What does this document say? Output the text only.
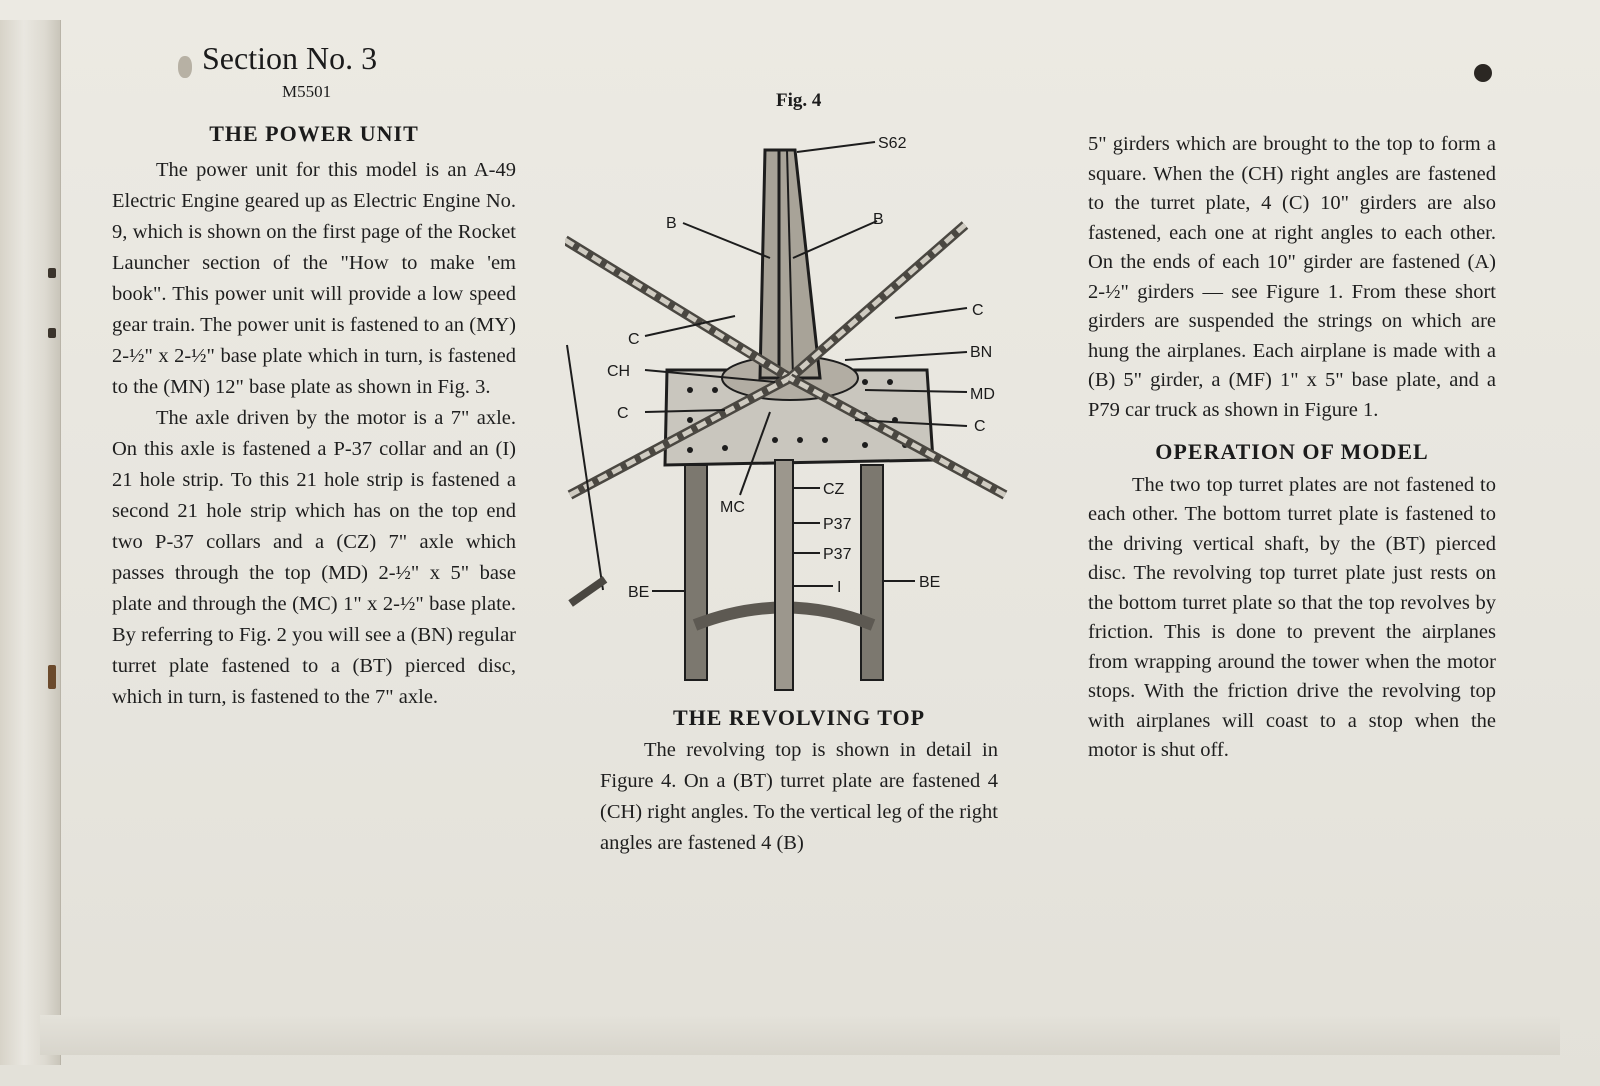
Section No. 3
M5501
THE POWER UNIT

The power unit for this model is an A-49 Electric Engine geared up as Electric Engine No. 9, which is shown on the first page of the Rocket Launcher section of the "How to make 'em book". This power unit will provide a low speed gear train. The power unit is fastened to an (MY) 2-½" x 2-½" base plate which in turn, is fastened to the (MN) 12" base plate as shown in Fig. 3.

The axle driven by the motor is a 7" axle. On this axle is fastened a P-37 collar and an (I) 21 hole strip. To this 21 hole strip is fastened a second 21 hole strip which has on the top end two P-37 collars and a (CZ) 7" axle which passes through the top (MD) 2-½" x 5" base plate and through the (MC) 1" x 2-½" base plate. By referring to Fig. 2 you will see a (BN) regular turret plate fastened to a (BT) pierced disc, which in turn, is fastened to the 7" axle.

Fig. 4
S62
B	B
C
C
CH
BN
C
MD
C
MC
CZ
P37
P37
I
BE
BE
THE REVOLVING TOP

The revolving top is shown in detail in Figure 4. On a (BT) turret plate are fastened 4 (CH) right angles. To the vertical leg of the right angles are fastened 4 (B)

5" girders which are brought to the top to form a square. When the (CH) right angles are fastened to the turret plate, 4 (C) 10" girders are also fastened, each one at right angles to each other. On the ends of each 10" girder are fastened (A) 2-½" girders — see Figure 1. From these short girders are suspended the strings on which are hung the airplanes. Each airplane is made with a (B) 5" girder, a (MF) 1" x 5" base plate, and a P79 car truck as shown in Figure 1.

OPERATION OF MODEL

The two top turret plates are not fastened to each other. The bottom turret plate is fastened to the driving vertical shaft, by the (BT) pierced disc. The revolving top turret plate just rests on the bottom turret plate so that the top revolves by friction. This is done to prevent the airplanes from wrapping around the tower when the motor stops. With the friction drive the revolving top with airplanes will coast to a stop when the motor is shut off.
